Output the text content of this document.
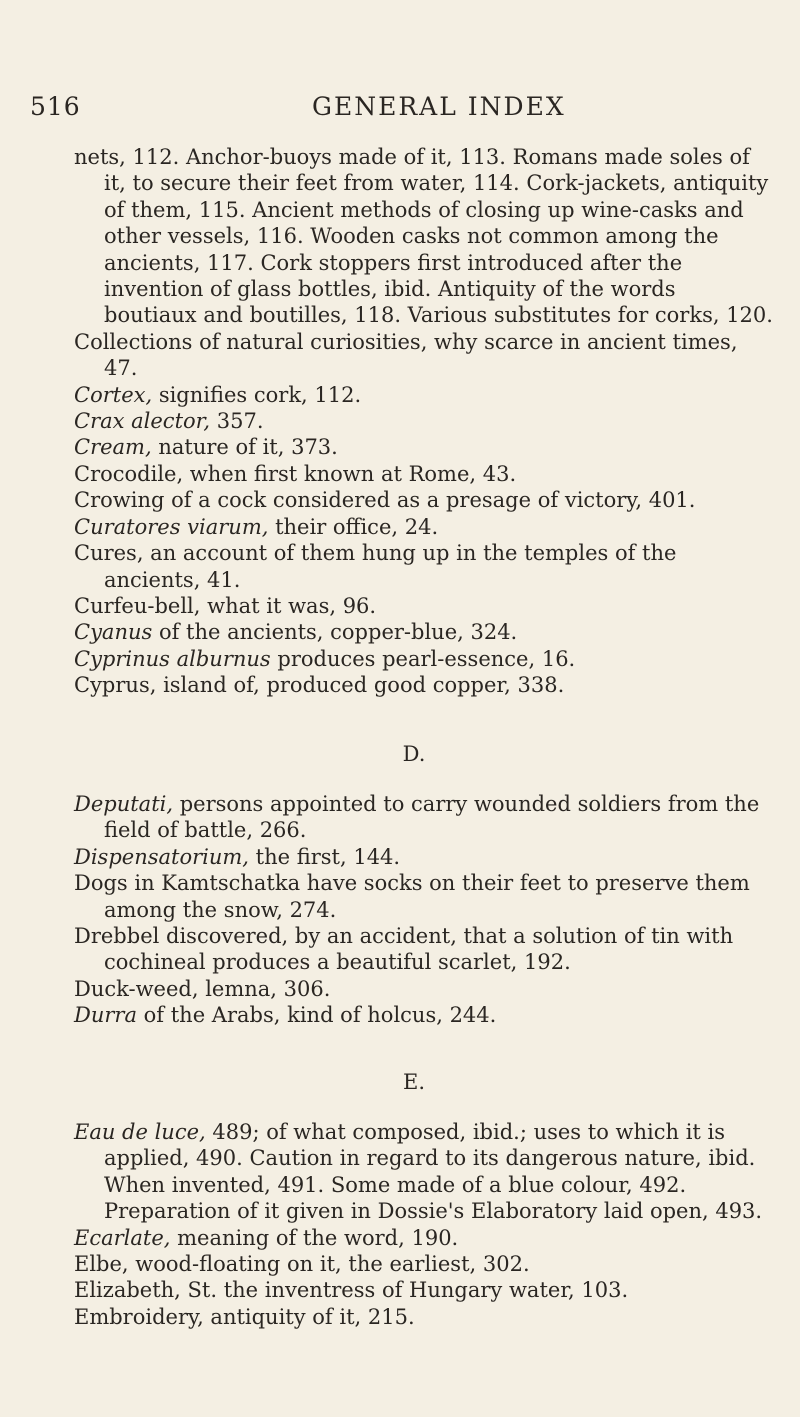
516	GENERAL INDEX

nets, 112. Anchor-buoys made of it, 113. Romans made soles of it, to secure their feet from water, 114. Cork-jackets, antiquity of them, 115. Ancient methods of closing up wine-casks and other vessels, 116. Wooden casks not common among the ancients, 117. Cork stoppers first introduced after the invention of glass bottles, ibid. Antiquity of the words boutiaux and boutilles, 118. Various substitutes for corks, 120.

Collections of natural curiosities, why scarce in ancient times, 47.

Cortex, signifies cork, 112.

Crax alector, 357.

Cream, nature of it, 373.

Crocodile, when first known at Rome, 43.

Crowing of a cock considered as a presage of victory, 401.

Curatores viarum, their office, 24.

Cures, an account of them hung up in the temples of the ancients, 41.

Curfeu-bell, what it was, 96.

Cyanus of the ancients, copper-blue, 324.

Cyprinus alburnus produces pearl-essence, 16.

Cyprus, island of, produced good copper, 338.

D.

Deputati, persons appointed to carry wounded soldiers from the field of battle, 266.

Dispensatorium, the first, 144.

Dogs in Kamtschatka have socks on their feet to preserve them among the snow, 274.

Drebbel discovered, by an accident, that a solution of tin with cochineal produces a beautiful scarlet, 192.

Duck-weed, lemna, 306.

Durra of the Arabs, kind of holcus, 244.

E.

Eau de luce, 489; of what composed, ibid.; uses to which it is applied, 490. Caution in regard to its dangerous nature, ibid. When invented, 491. Some made of a blue colour, 492. Preparation of it given in Dossie's Elaboratory laid open, 493.

Ecarlate, meaning of the word, 190.

Elbe, wood-floating on it, the earliest, 302.

Elizabeth, St. the inventress of Hungary water, 103.

Embroidery, antiquity of it, 215.
